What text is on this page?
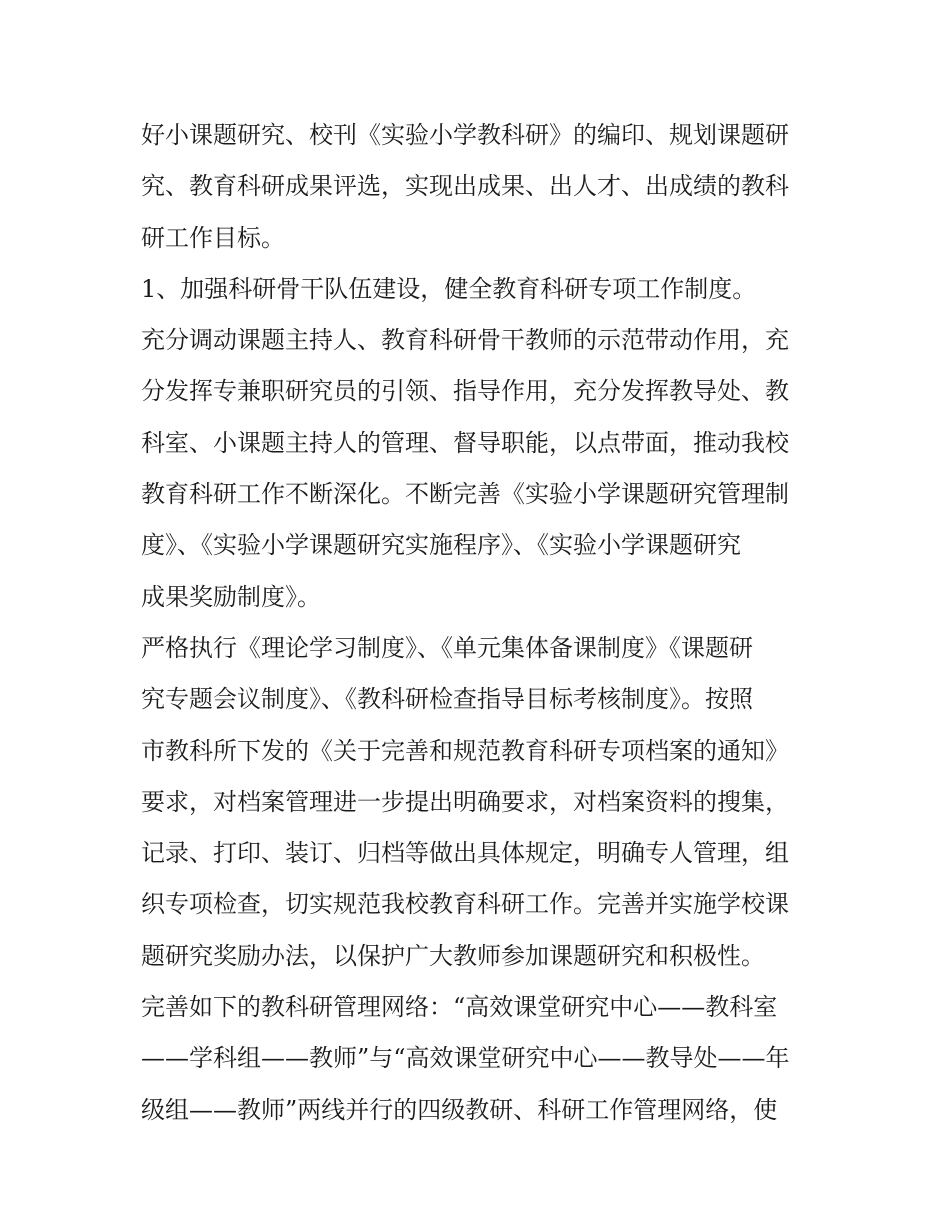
好小课题研究、校刊《实验小学教科研》的编印、规划课题研
究、教育科研成果评选，实现出成果、出人才、出成绩的教科
研工作目标。
1、加强科研骨干队伍建设，健全教育科研专项工作制度。
充分调动课题主持人、教育科研骨干教师的示范带动作用，充
分发挥专兼职研究员的引领、指导作用，充分发挥教导处、教
科室、小课题主持人的管理、督导职能，以点带面，推动我校
教育科研工作不断深化。不断完善《实验小学课题研究管理制
度》、《实验小学课题研究实施程序》、《实验小学课题研究
成果奖励制度》。
严格执行《理论学习制度》、《单元集体备课制度》《课题研
究专题会议制度》、《教科研检查指导目标考核制度》。按照
市教科所下发的《关于完善和规范教育科研专项档案的通知》
要求，对档案管理进一步提出明确要求，对档案资料的搜集，
记录、打印、装订、归档等做出具体规定，明确专人管理，组
织专项检查，切实规范我校教育科研工作。完善并实施学校课
题研究奖励办法，以保护广大教师参加课题研究和积极性。
完善如下的教科研管理网络：“高效课堂研究中心——教科室
——学科组——教师”与“高效课堂研究中心——教导处——年
级组——教师”两线并行的四级教研、科研工作管理网络，使
